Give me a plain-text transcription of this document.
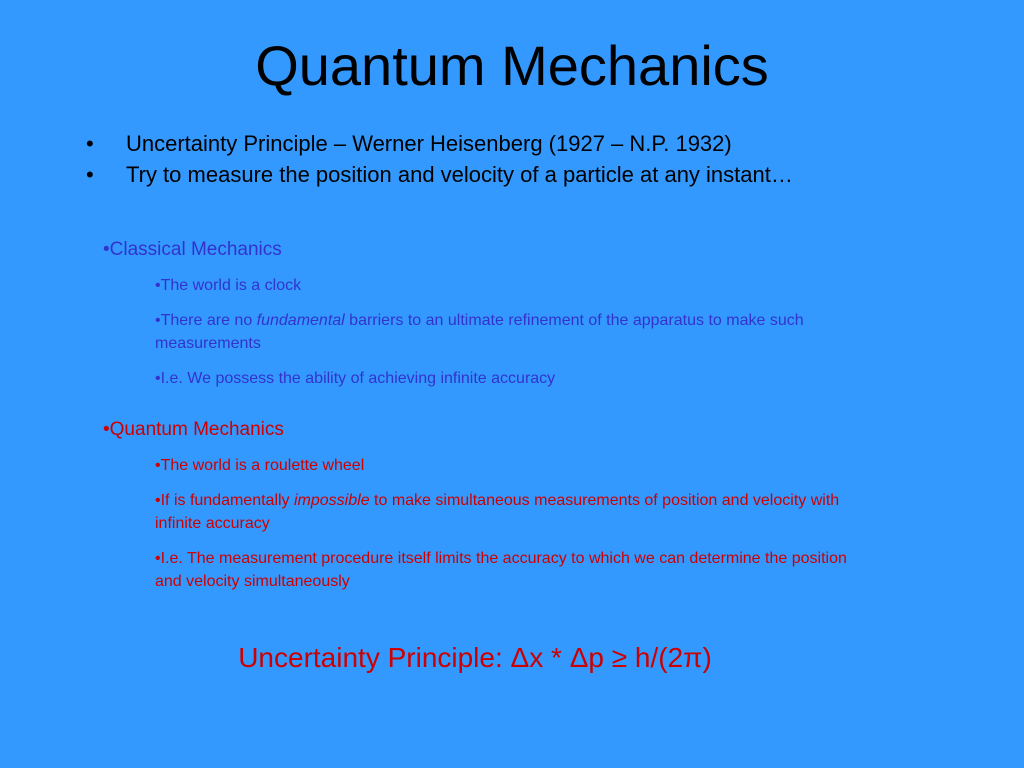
Quantum Mechanics
• Uncertainty Principle – Werner Heisenberg (1927 – N.P. 1932)
• Try to measure the position and velocity of a particle at any instant…
•Classical Mechanics
•The world is a clock
•There are no fundamental barriers to an ultimate refinement of the apparatus to make such measurements
•I.e. We possess the ability of achieving infinite accuracy
•Quantum Mechanics
•The world is a roulette wheel
•If is fundamentally impossible to make simultaneous measurements of position and velocity with infinite accuracy
•I.e. The measurement procedure itself limits the accuracy to which we can determine the position and velocity simultaneously
Uncertainty Principle: Δx * Δp ≥ h/(2π)
